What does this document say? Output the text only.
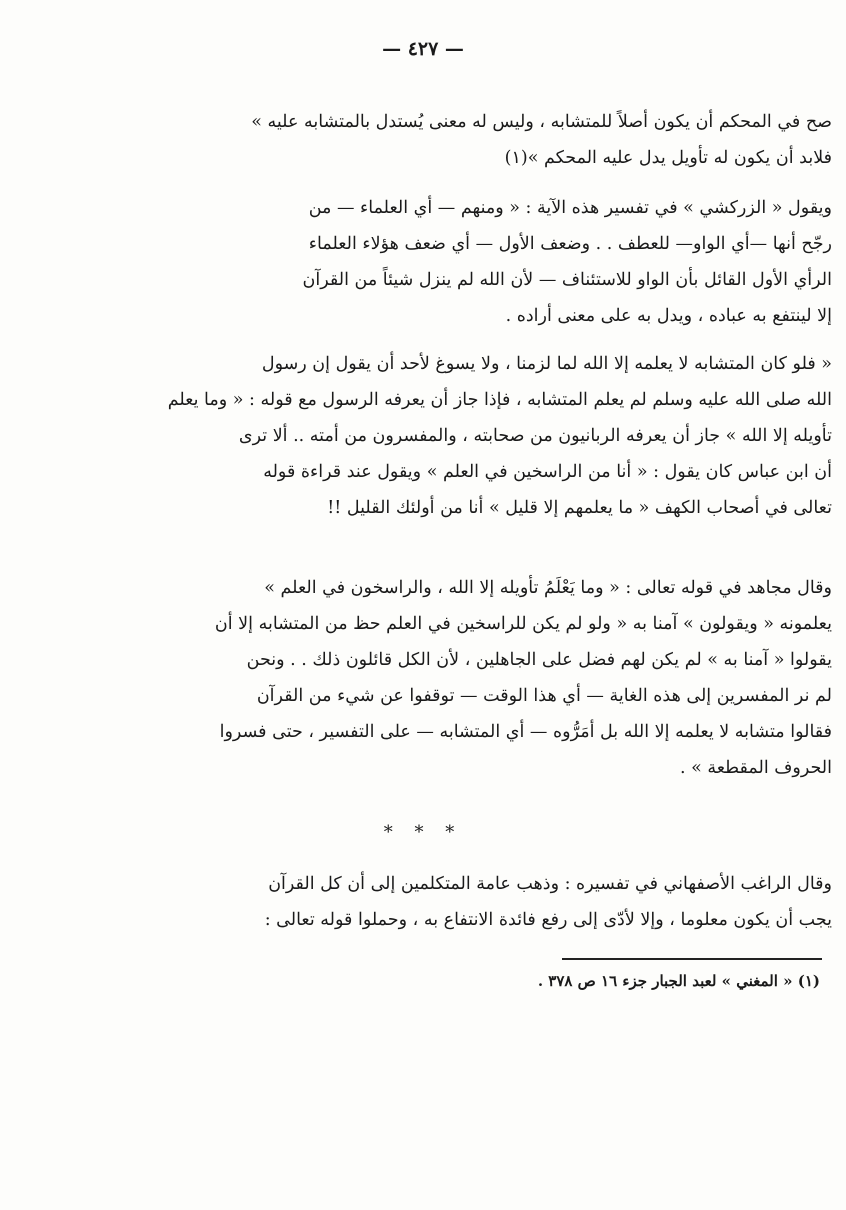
— ٤٢٧ —
صح في المحكم أن يكون أصلاً للمتشابه ، وليس له معنى يُستدل بالمتشابه عليه »
فلابد أن يكون له تأويل يدل عليه المحكم »(١)
ويقول « الزركشي » في تفسير هذه الآية : « ومنهم — أي العلماء — من
رجّح أنها —أي الواو— للعطف . . وضعف الأول — أي ضعف هؤلاء العلماء
الرأي الأول القائل بأن الواو للاستئناف — لأن الله لم ينزل شيئاً من القرآن
إلا لينتفع به عباده ، ويدل به على معنى أراده .
« فلو كان المتشابه لا يعلمه إلا الله لما لزمنا ، ولا يسوغ لأحد أن يقول إن رسول
الله صلى الله عليه وسلم لم يعلم المتشابه ، فإذا جاز أن يعرفه الرسول مع قوله : « وما يعلم
تأويله إلا الله » جاز أن يعرفه الربانيون من صحابته ، والمفسرون من أمته .. ألا ترى
أن ابن عباس كان يقول : « أنا من الراسخين في العلم » ويقول عند قراءة قوله
تعالى في أصحاب الكهف « ما يعلمهم إلا قليل » أنا من أولئك القليل !!
وقال مجاهد في قوله تعالى : « وما يَعْلَمُ تأويله إلا الله ، والراسخون في العلم »
يعلمونه « ويقولون » آمنا به « ولو لم يكن للراسخين في العلم حظ من المتشابه إلا أن
يقولوا « آمنا به » لم يكن لهم فضل على الجاهلين ، لأن الكل قائلون ذلك . . ونحن
لم نر المفسرين إلى هذه الغاية — أي هذا الوقت — توقفوا عن شيء من القرآن
فقالوا متشابه لا يعلمه إلا الله بل أمَرُّوه — أي المتشابه — على التفسير ، حتى فسروا
الحروف المقطعة » .
* * *
وقال الراغب الأصفهاني في تفسيره : وذهب عامة المتكلمين إلى أن كل القرآن
يجب أن يكون معلوما ، وإلا لأدّى إلى رفع فائدة الانتفاع به ، وحملوا قوله تعالى :
(١) « المغني » لعبد الجبار جزء ١٦ ص ٣٧٨ .
